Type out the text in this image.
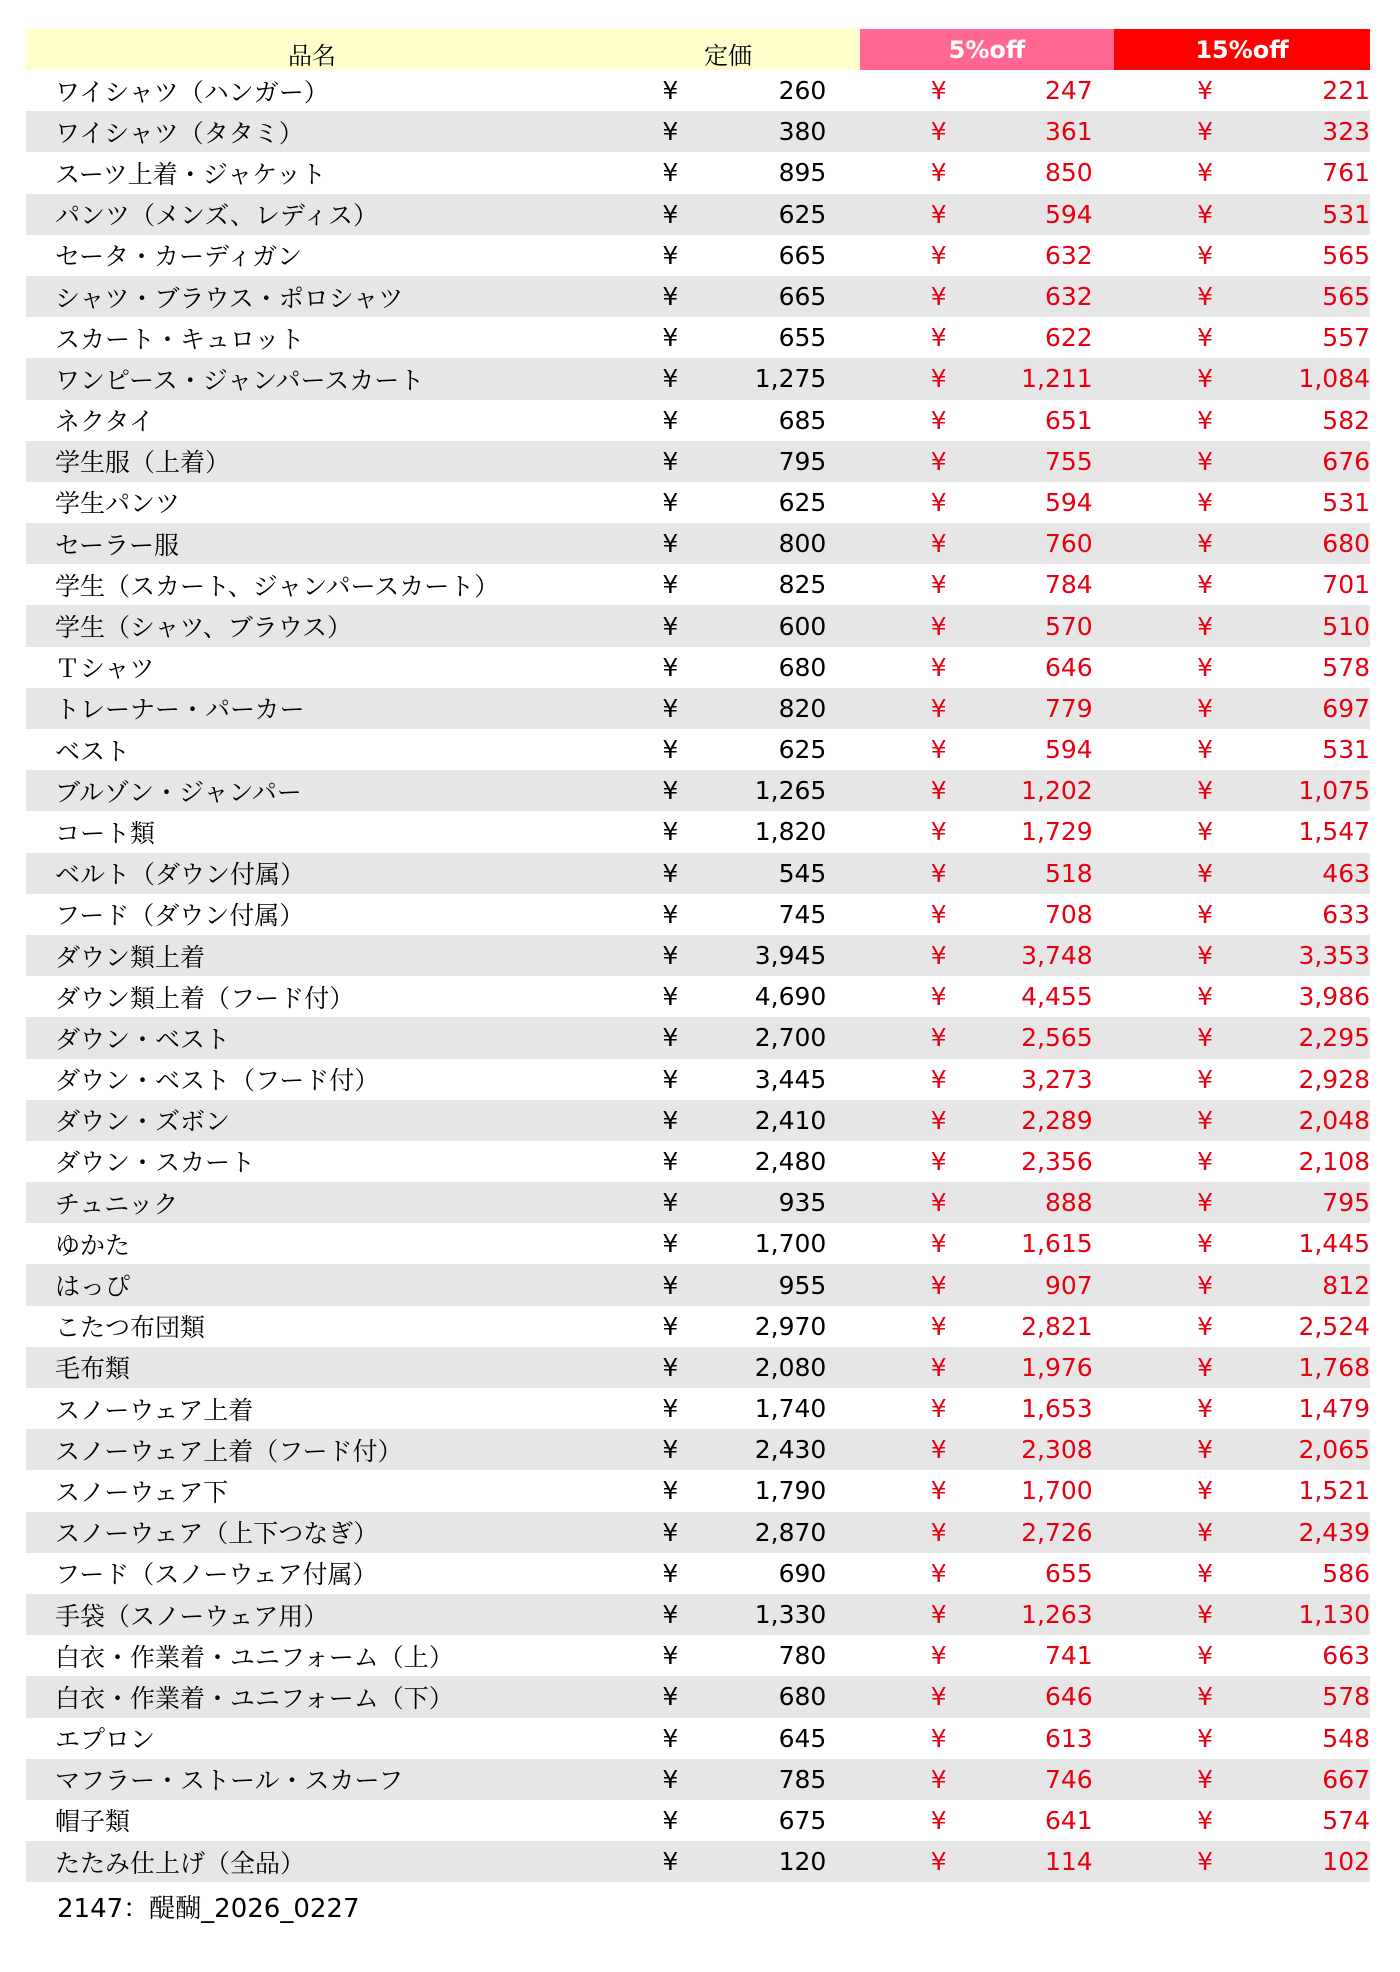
品名	定価	5%off	15%off
ワイシャツ（ハンガー）	¥	260	¥	247	¥	221
ワイシャツ（タタミ）	¥	380	¥	361	¥	323
スーツ上着・ジャケット	¥	895	¥	850	¥	761
パンツ（メンズ、レディス）	¥	625	¥	594	¥	531
セータ・カーディガン	¥	665	¥	632	¥	565
シャツ・ブラウス・ポロシャツ	¥	665	¥	632	¥	565
スカート・キュロット	¥	655	¥	622	¥	557
ワンピース・ジャンパースカート	¥	1,275	¥	1,211	¥	1,084
ネクタイ	¥	685	¥	651	¥	582
学生服（上着）	¥	795	¥	755	¥	676
学生パンツ	¥	625	¥	594	¥	531
セーラー服	¥	800	¥	760	¥	680
学生（スカート、ジャンパースカート）	¥	825	¥	784	¥	701
学生（シャツ、ブラウス）	¥	600	¥	570	¥	510
Ｔシャツ	¥	680	¥	646	¥	578
トレーナー・パーカー	¥	820	¥	779	¥	697
ベスト	¥	625	¥	594	¥	531
ブルゾン・ジャンパー	¥	1,265	¥	1,202	¥	1,075
コート類	¥	1,820	¥	1,729	¥	1,547
ベルト（ダウン付属）	¥	545	¥	518	¥	463
フード（ダウン付属）	¥	745	¥	708	¥	633
ダウン類上着	¥	3,945	¥	3,748	¥	3,353
ダウン類上着（フード付）	¥	4,690	¥	4,455	¥	3,986
ダウン・ベスト	¥	2,700	¥	2,565	¥	2,295
ダウン・ベスト（フード付）	¥	3,445	¥	3,273	¥	2,928
ダウン・ズボン	¥	2,410	¥	2,289	¥	2,048
ダウン・スカート	¥	2,480	¥	2,356	¥	2,108
チュニック	¥	935	¥	888	¥	795
ゆかた	¥	1,700	¥	1,615	¥	1,445
はっぴ	¥	955	¥	907	¥	812
こたつ布団類	¥	2,970	¥	2,821	¥	2,524
毛布類	¥	2,080	¥	1,976	¥	1,768
スノーウェア上着	¥	1,740	¥	1,653	¥	1,479
スノーウェア上着（フード付）	¥	2,430	¥	2,308	¥	2,065
スノーウェア下	¥	1,790	¥	1,700	¥	1,521
スノーウェア（上下つなぎ）	¥	2,870	¥	2,726	¥	2,439
フード（スノーウェア付属）	¥	690	¥	655	¥	586
手袋（スノーウェア用）	¥	1,330	¥	1,263	¥	1,130
白衣・作業着・ユニフォーム（上）	¥	780	¥	741	¥	663
白衣・作業着・ユニフォーム（下）	¥	680	¥	646	¥	578
エプロン	¥	645	¥	613	¥	548
マフラー・ストール・スカーフ	¥	785	¥	746	¥	667
帽子類	¥	675	¥	641	¥	574
たたみ仕上げ（全品）	¥	120	¥	114	¥	102
2147：醍醐_2026_0227
